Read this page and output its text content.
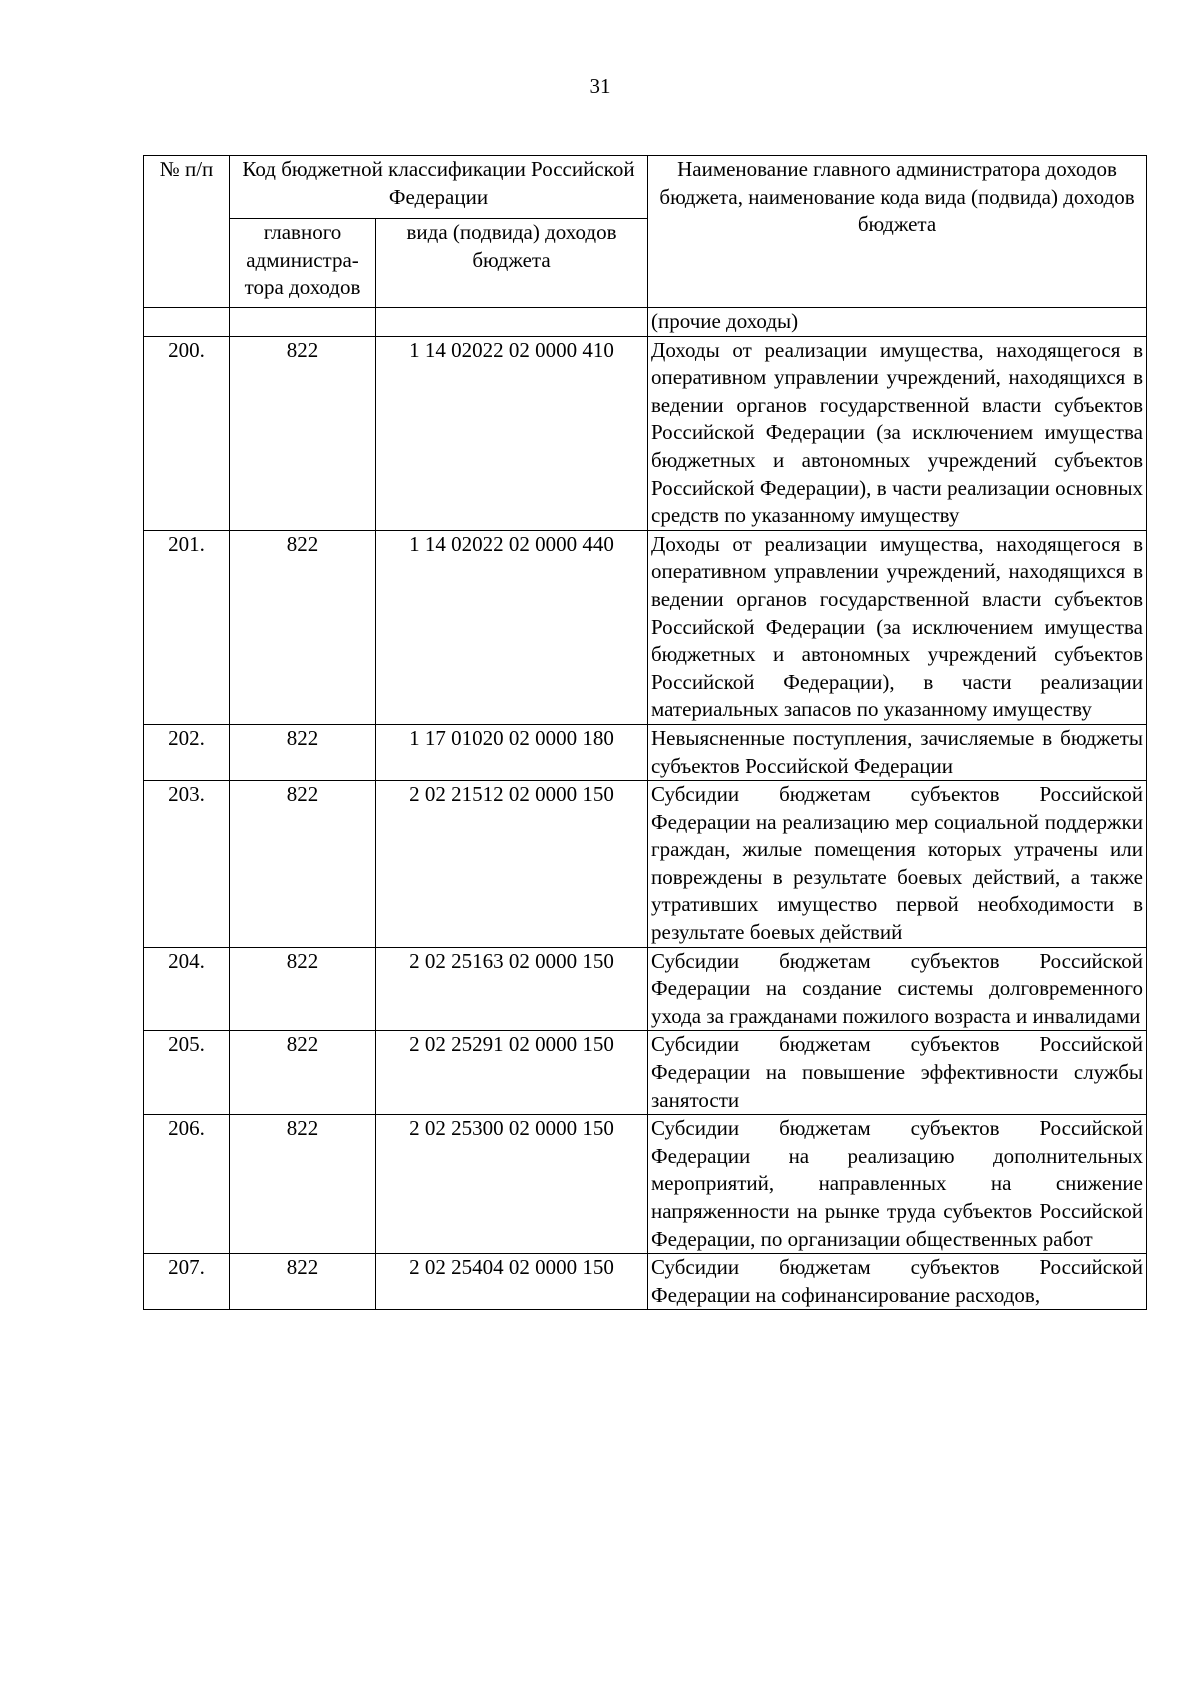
31
№ п/п	Код бюджетной классификации Российской Федерации		Наименование главного администратора доходов бюджета, наименование кода вида (подвида) доходов бюджета
	главного администра-тора доходов	вида (подвида) доходов бюджета	
			(прочие доходы)
200.	822	1 14 02022 02 0000 410	Доходы от реализации имущества, находящегося в оперативном управлении учреждений, находящихся в ведении органов государственной власти субъектов Российской Федерации (за исключением имущества бюджетных и автономных учреждений субъектов Российской Федерации), в части реализации основных средств по указанному имуществу
201.	822	1 14 02022 02 0000 440	Доходы от реализации имущества, находящегося в оперативном управлении учреждений, находящихся в ведении органов государственной власти субъектов Российской Федерации (за исключением имущества бюджетных и автономных учреждений субъектов Российской Федерации), в части реализации материальных запасов по указанному имуществу
202.	822	1 17 01020 02 0000 180	Невыясненные поступления, зачисляемые в бюджеты субъектов Российской Федерации
203.	822	2 02 21512 02 0000 150	Субсидии бюджетам субъектов Российской Федерации на реализацию мер социальной поддержки граждан, жилые помещения которых утрачены или повреждены в результате боевых действий, а также утративших имущество первой необходимости в результате боевых действий
204.	822	2 02 25163 02 0000 150	Субсидии бюджетам субъектов Российской Федерации на создание системы долговременного ухода за гражданами пожилого возраста и инвалидами
205.	822	2 02 25291 02 0000 150	Субсидии бюджетам субъектов Российской Федерации на повышение эффективности службы занятости
206.	822	2 02 25300 02 0000 150	Субсидии бюджетам субъектов Российской Федерации на реализацию дополнительных мероприятий, направленных на снижение напряженности на рынке труда субъектов Российской Федерации, по организации общественных работ
207.	822	2 02 25404 02 0000 150	Субсидии бюджетам субъектов Российской Федерации на софинансирование расходов,
